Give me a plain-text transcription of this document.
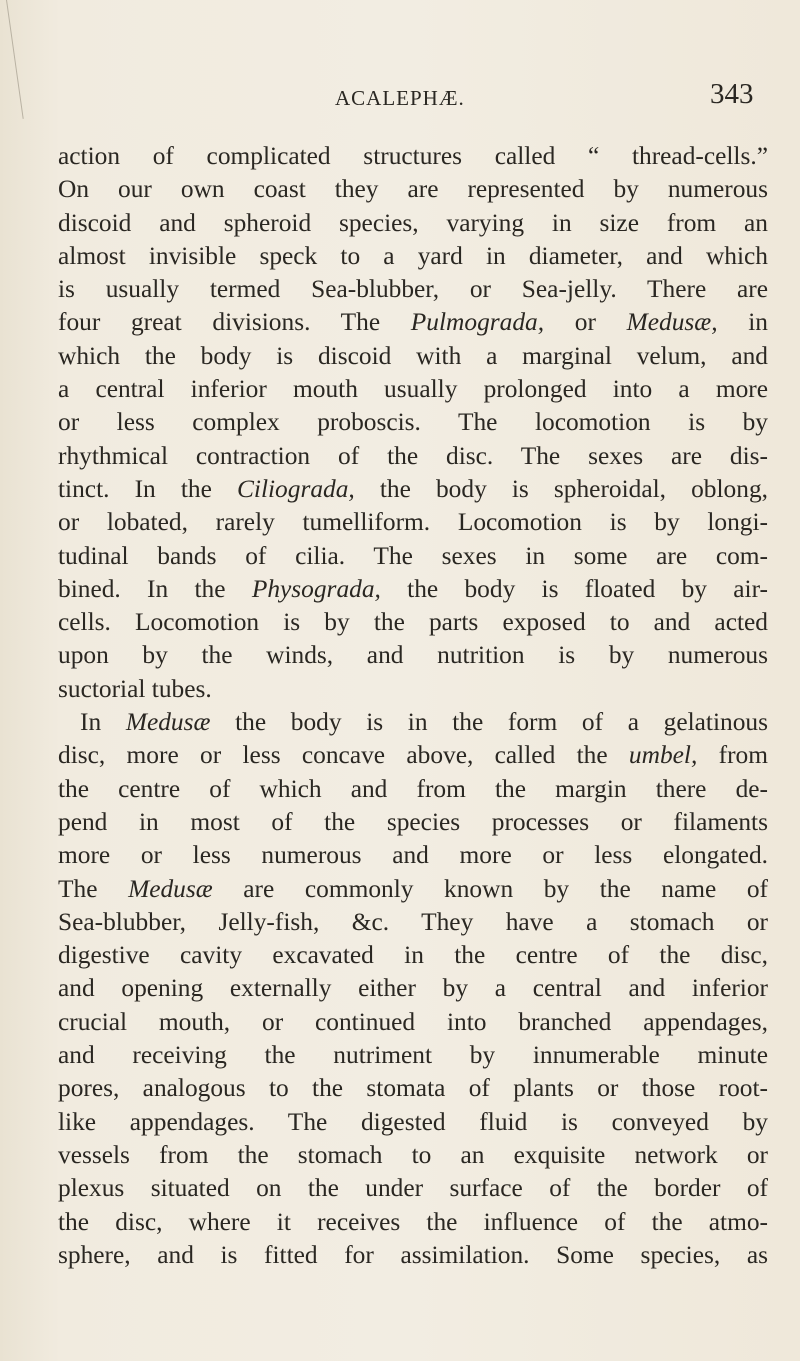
ACALEPHÆ.	343
action of complicated structures called “ thread-cells.”
On our own coast they are represented by numerous
discoid and spheroid species, varying in size from an
almost invisible speck to a yard in diameter, and which
is usually termed Sea-blubber, or Sea-jelly. There are
four great divisions. The Pulmograda, or Medusæ, in
which the body is discoid with a marginal velum, and
a central inferior mouth usually prolonged into a more
or less complex proboscis. The locomotion is by
rhythmical contraction of the disc. The sexes are dis-
tinct. In the Ciliograda, the body is spheroidal, oblong,
or lobated, rarely tumelliform. Locomotion is by longi-
tudinal bands of cilia. The sexes in some are com-
bined. In the Physograda, the body is floated by air-
cells. Locomotion is by the parts exposed to and acted
upon by the winds, and nutrition is by numerous
suctorial tubes.
In Medusæ the body is in the form of a gelatinous
disc, more or less concave above, called the umbel, from
the centre of which and from the margin there de-
pend in most of the species processes or filaments
more or less numerous and more or less elongated.
The Medusæ are commonly known by the name of
Sea-blubber, Jelly-fish, &c. They have a stomach or
digestive cavity excavated in the centre of the disc,
and opening externally either by a central and inferior
crucial mouth, or continued into branched appendages,
and receiving the nutriment by innumerable minute
pores, analogous to the stomata of plants or those root-
like appendages. The digested fluid is conveyed by
vessels from the stomach to an exquisite network or
plexus situated on the under surface of the border of
the disc, where it receives the influence of the atmo-
sphere, and is fitted for assimilation. Some species, as
